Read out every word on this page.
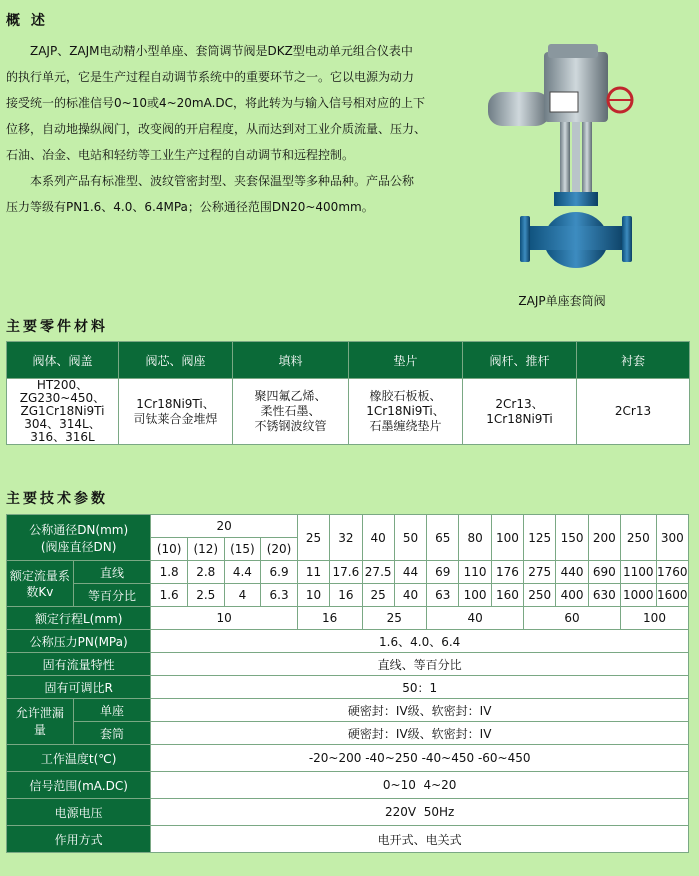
概 述

ZAJP、ZAJM电动精小型单座、套筒调节阀是DKZ型电动单元组合仪表中

的执行单元，它是生产过程自动调节系统中的重要环节之一。它以电源为动力

接受统一的标准信号0~10或4~20mA.DC，将此转为与输入信号相对应的上下

位移，自动地操纵阀门，改变阀的开启程度，从而达到对工业介质流量、压力、

石油、冶金、电站和轻纺等工业生产过程的自动调节和远程控制。

本系列产品有标准型、波纹管密封型、夹套保温型等多种品种。产品公称

压力等级有PN1.6、4.0、6.4MPa；公称通径范围DN20~400mm。

ZAJP单座套筒阀
主要零件材料
阀体、阀盖	阀芯、阀座	填料	垫片	阀杆、推杆	衬套
HT200、
ZG230~450、
ZG1Cr18Ni9Ti
304、314L、
316、316L	1Cr18Ni9Ti、
司钛莱合金堆焊	聚四氟乙烯、
柔性石墨、
不锈钢波纹管	橡胶石板板、
1Cr18Ni9Ti、
石墨缠绕垫片	2Cr13、
1Cr18Ni9Ti	2Cr13
主要技术参数
公称通径DN(mm)
(阀座直径DN)		20				25	32	40	50	65	80	100	125	150	200	250	300
		(10)	(12)	(15)	(20)												
额定流量系数Kv	直线	1.8	2.8	4.4	6.9	11	17.6	27.5	44	69	110	176	275	440	690	1100	1760
	等百分比	1.6	2.5	4	6.3	10	16	25	40	63	100	160	250	400	630	1000	1600
额定行程L(mm)		10				16		25		40			60			100	
公称压力PN(MPa)		1.6、4.0、6.4															
固有流量特性		直线、等百分比															
固有可调比R		50：1															
允许泄漏量	单座	硬密封：IV级、软密封：IV															
	套筒	硬密封：IV级、软密封：IV															
工作温度t(℃)		-20~200 -40~250 -40~450 -60~450															
信号范围(mA.DC)		0~10  4~20															
电源电压		220V  50Hz															
作用方式		电开式、电关式															
